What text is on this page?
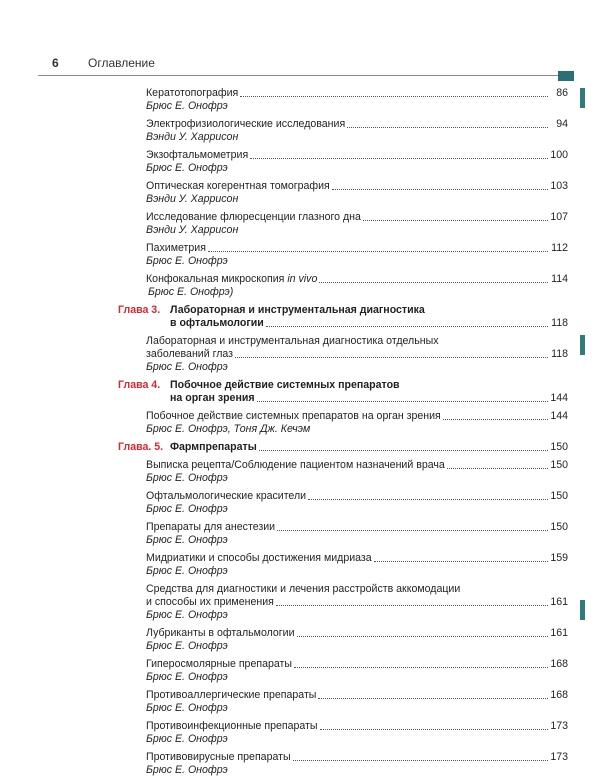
6 Оглавление
Кератотопография	86
Брюс Е. Онофрэ
Электрофизиологические исследования	94
Вэнди У. Харрисон
Экзофтальмометрия	100
Брюс Е. Онофрэ
Оптическая когерентная томография	103
Вэнди У. Харрисон
Исследование флюресценции глазного дна	107
Вэнди У. Харрисон
Пахиметрия	112
Брюс Е. Онофрэ
Конфокальная микроскопия in vivo	114
Брюс Е. Онофрэ)
Глава 3. Лабораторная и инструментальная диагностика
в офтальмологии	118
Лабораторная и инструментальная диагностика отдельных
заболеваний глаз	118
Брюс Е. Онофрэ
Глава 4. Побочное действие системных препаратов
на орган зрения	144
Побочное действие системных препаратов на орган зрения	144
Брюс Е. Онофрэ, Тоня Дж. Кечэм
Глава. 5. Фармпрепараты	150
Выписка рецепта/Соблюдение пациентом назначений врача	150
Брюс Е. Онофрэ
Офтальмологические красители	150
Брюс Е. Онофрэ
Препараты для анестезии	150
Брюс Е. Онофрэ
Мидриатики и способы достижения мидриаза	159
Брюс Е. Онофрэ
Средства для диагностики и лечения расстройств аккомодации
и способы их применения	161
Брюс Е. Онофрэ
Лубриканты в офтальмологии	161
Брюс Е. Онофрэ
Гиперосмолярные препараты	168
Брюс Е. Онофрэ
Противоаллергические препараты	168
Брюс Е. Онофрэ
Противоинфекционные препараты	173
Брюс Е. Онофрэ
Противовирусные препараты	173
Брюс Е. Онофрэ
